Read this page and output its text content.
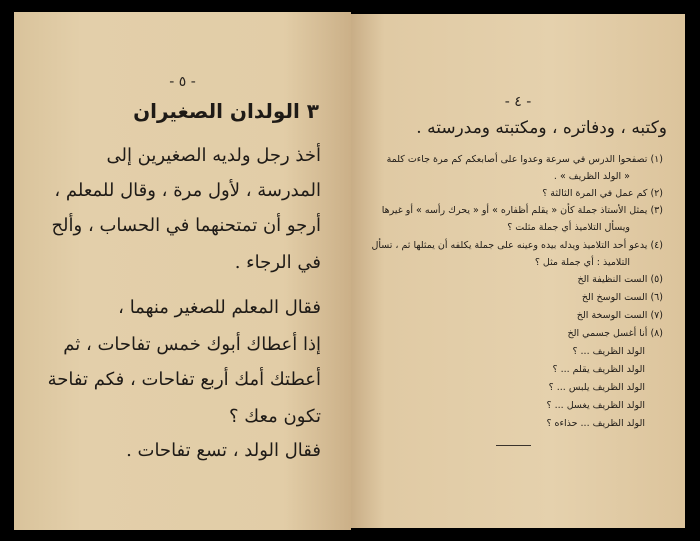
- ٥ -
٣ الولدان الصغيران
أخذ رجل ولديه الصغيرين إلى
المدرسة ، لأول مرة ، وقال للمعلم ،
أرجو أن تمتحنهما في الحساب ، وألح
في الرجاء .
فقال المعلم للصغير منهما ،
إذا أعطاك أبوك خمس تفاحات ، ثم
أعطتك أمك أربع تفاحات ، فكم تفاحة
تكون معك ؟
فقال الولد ، تسع تفاحات .
- ٤ -
وكتبه ، ودفاتره ، ومكتبته ومدرسته .
(١) تصفحوا الدرس في سرعة وعدوا على أصابعكم كم مرة جاءت كلمة
« الولد الظريف » .
(٢) كم عمل في المرة الثالثة ؟
(٣) يمثل الأستاذ جملة كأن « يقلم أظفاره » أو « يحرك رأسه » أو غيرها
ويسأل التلاميذ أي جملة مثلت ؟
(٤) يدعو أحد التلاميذ ويدله بيده وعينه على جملة يكلفه أن يمثلها ثم ، تسأل
التلاميذ : أي جملة مثل ؟
(٥) الست النظيفة الخ
(٦) الست الوسخ الخ
(٧) الست الوسخة الخ
(٨) أنا أغسل جسمي الخ
الولد الظريف ... ؟
الولد الظريف يقلم ... ؟
الولد الظريف يلبس ... ؟
الولد الظريف يغسل ... ؟
الولد الظريف ... حذاءه ؟
